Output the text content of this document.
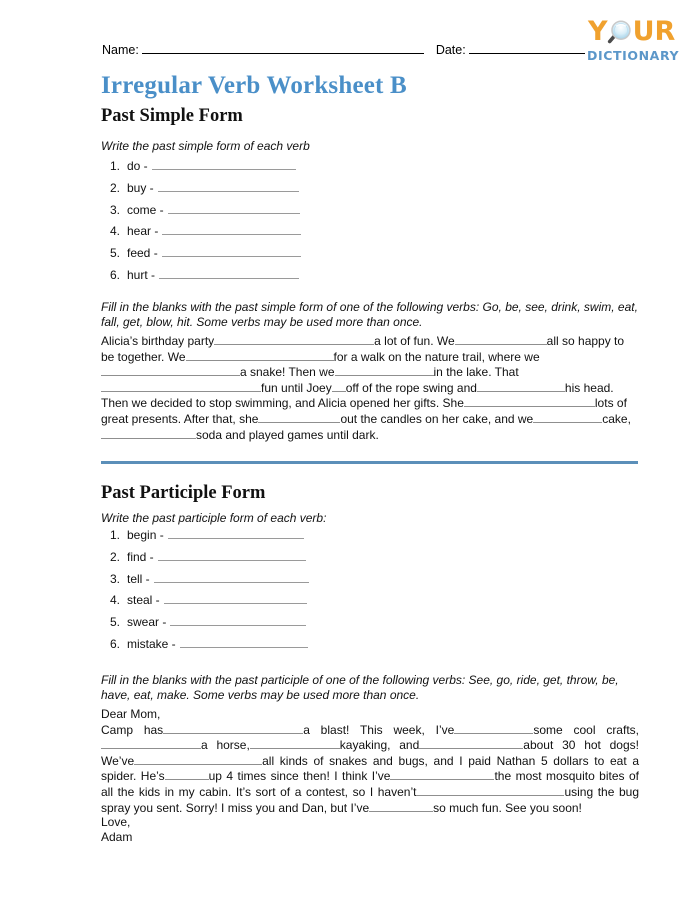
Y UR
DICTIONARY
Name:	Date:
Irregular Verb Worksheet B
Past Simple Form
Write the past simple form of each verb
1. do -
2. buy -
3. come -
4. hear -
5. feed -
6. hurt -
Fill in the blanks with the past simple form of one of the following verbs: Go, be, see, drink, swim, eat, fall, get, blow, hit. Some verbs may be used more than once.
Alicia’s birthday party	a lot of fun. We	all so happy to be together. We	for a walk on the nature trail, where wea snake! Then we	in the lake. Thatfun until Joey off of the rope swing and	his head. Then we decided to stop swimming, and Alicia opened her gifts. She	lots of great presents. After that, she	out the candles on her cake, and we	cake,soda and played games until dark.
Past Participle Form
Write the past participle form of each verb:
1. begin -
2. find -
3. tell -
4. steal -
5. swear -
6. mistake -
Fill in the blanks with the past participle of one of the following verbs: See, go, ride, get, throw, be, have, eat, make. Some verbs may be used more than once.
Dear Mom,
Camp has	a blast! This week, I’ve	some cool crafts,a horse,	kayaking, and	about 30 hot dogs! We’ve	all kinds of snakes and bugs, and I paid Nathan 5 dollars to eat a spider. He’s	up 4 times since then! I think I’ve	the most mosquito bites of all the kids in my cabin. It’s sort of a contest, so I haven’t	using the bug spray you sent. Sorry! I miss you and Dan, but I’ve	so much fun. See you soon!
Love,
Adam
